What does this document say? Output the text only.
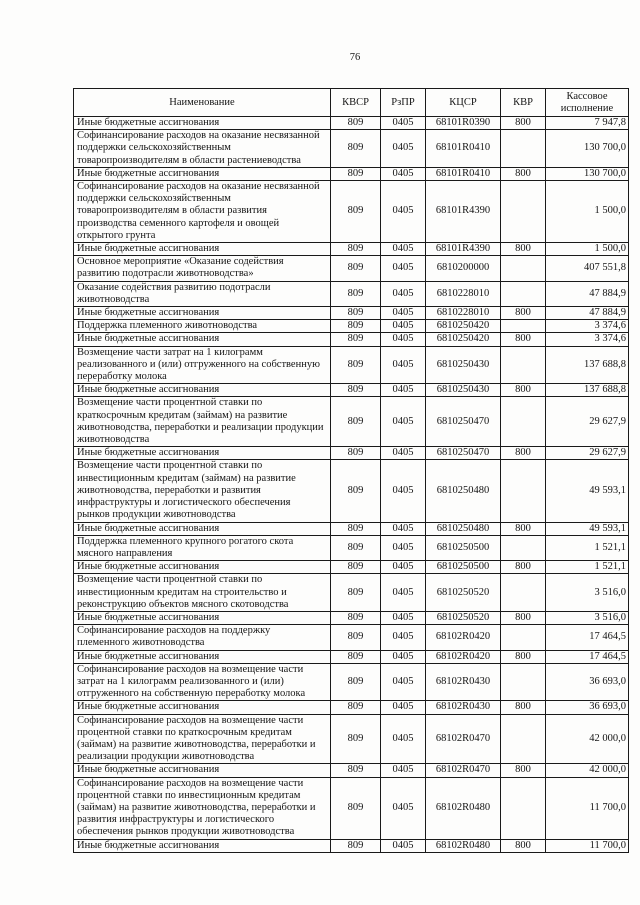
76
Наименование	КВСР	РзПР	КЦСР	КВР	Кассовое исполнение
Иные бюджетные ассигнования	809	0405	68101R0390	800	7 947,8
Софинансирование расходов на оказание несвязанной поддержки сельскохозяйственным товаропроизводителям в области растениеводства	809	0405	68101R0410		130 700,0
Иные бюджетные ассигнования	809	0405	68101R0410	800	130 700,0
Софинансирование расходов на оказание несвязанной поддержки сельскохозяйственным товаропроизводителям в области развития производства семенного картофеля и овощей открытого грунта	809	0405	68101R4390		1 500,0
Иные бюджетные ассигнования	809	0405	68101R4390	800	1 500,0
Основное мероприятие «Оказание содействия развитию подотрасли животноводства»	809	0405	6810200000		407 551,8
Оказание содействия развитию подотрасли животноводства	809	0405	6810228010		47 884,9
Иные бюджетные ассигнования	809	0405	6810228010	800	47 884,9
Поддержка племенного животноводства	809	0405	6810250420		3 374,6
Иные бюджетные ассигнования	809	0405	6810250420	800	3 374,6
Возмещение части затрат на 1 килограмм реализованного и (или) отгруженного на собственную переработку молока	809	0405	6810250430		137 688,8
Иные бюджетные ассигнования	809	0405	6810250430	800	137 688,8
Возмещение части процентной ставки по краткосрочным кредитам (займам) на развитие животноводства, переработки и реализации продукции животноводства	809	0405	6810250470		29 627,9
Иные бюджетные ассигнования	809	0405	6810250470	800	29 627,9
Возмещение части процентной ставки по инвестиционным кредитам (займам) на развитие животноводства, переработки и развития инфраструктуры и логистического обеспечения рынков продукции животноводства	809	0405	6810250480		49 593,1
Иные бюджетные ассигнования	809	0405	6810250480	800	49 593,1
Поддержка племенного крупного рогатого скота мясного направления	809	0405	6810250500		1 521,1
Иные бюджетные ассигнования	809	0405	6810250500	800	1 521,1
Возмещение части процентной ставки по инвестиционным кредитам на строительство и реконструкцию объектов мясного скотоводства	809	0405	6810250520		3 516,0
Иные бюджетные ассигнования	809	0405	6810250520	800	3 516,0
Софинансирование расходов на поддержку племенного животноводства	809	0405	68102R0420		17 464,5
Иные бюджетные ассигнования	809	0405	68102R0420	800	17 464,5
Софинансирование расходов на возмещение части затрат на 1 килограмм реализованного и (или) отгруженного на собственную переработку молока	809	0405	68102R0430		36 693,0
Иные бюджетные ассигнования	809	0405	68102R0430	800	36 693,0
Софинансирование расходов на возмещение части процентной ставки по краткосрочным кредитам (займам) на развитие животноводства, переработки и реализации продукции животноводства	809	0405	68102R0470		42 000,0
Иные бюджетные ассигнования	809	0405	68102R0470	800	42 000,0
Софинансирование расходов на возмещение части процентной ставки по инвестиционным кредитам (займам) на развитие животноводства, переработки и развития инфраструктуры и логистического обеспечения рынков продукции животноводства	809	0405	68102R0480		11 700,0
Иные бюджетные ассигнования	809	0405	68102R0480	800	11 700,0
